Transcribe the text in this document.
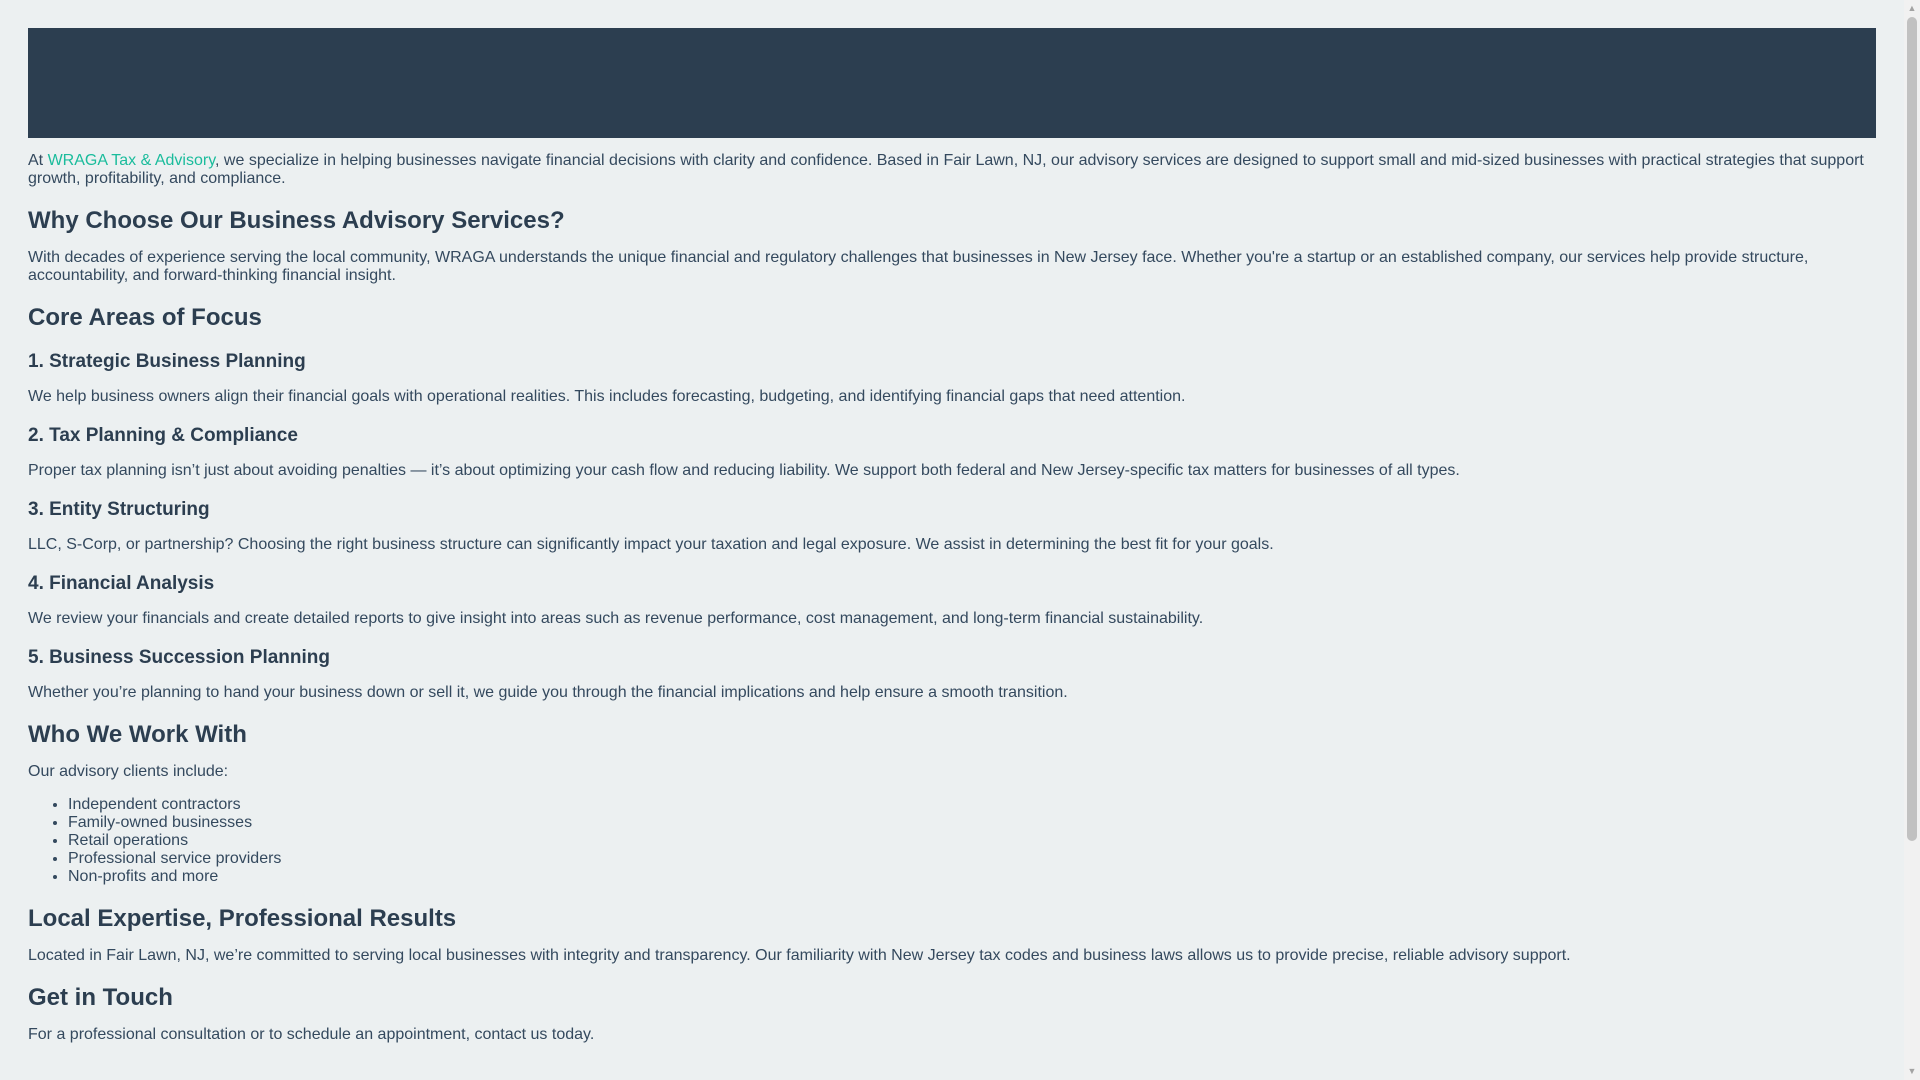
At WRAGA Tax & Advisory, we specialize in helping businesses navigate financial decisions with clarity and confidence. Based in Fair Lawn, NJ, our advisory services are designed to support small and mid-sized businesses with practical strategies that support growth, profitability, and compliance.

Why Choose Our Business Advisory Services?

With decades of experience serving the local community, WRAGA understands the unique financial and regulatory challenges that businesses in New Jersey face. Whether you're a startup or an established company, our services help provide structure, accountability, and forward-thinking financial insight.

Core Areas of Focus
1. Strategic Business Planning

We help business owners align their financial goals with operational realities. This includes forecasting, budgeting, and identifying financial gaps that need attention.

2. Tax Planning & Compliance

Proper tax planning isn’t just about avoiding penalties — it’s about optimizing your cash flow and reducing liability. We support both federal and New Jersey-specific tax matters for businesses of all types.

3. Entity Structuring

LLC, S-Corp, or partnership? Choosing the right business structure can significantly impact your taxation and legal exposure. We assist in determining the best fit for your goals.

4. Financial Analysis

We review your financials and create detailed reports to give insight into areas such as revenue performance, cost management, and long-term financial sustainability.

5. Business Succession Planning

Whether you’re planning to hand your business down or sell it, we guide you through the financial implications and help ensure a smooth transition.

Who We Work With

Our advisory clients include:

• Independent contractors
• Family-owned businesses
• Retail operations
• Professional service providers
• Non-profits and more
Local Expertise, Professional Results

Located in Fair Lawn, NJ, we’re committed to serving local businesses with integrity and transparency. Our familiarity with New Jersey tax codes and business laws allows us to provide precise, reliable advisory support.

Get in Touch

For a professional consultation or to schedule an appointment, contact us today.

▲
▼
